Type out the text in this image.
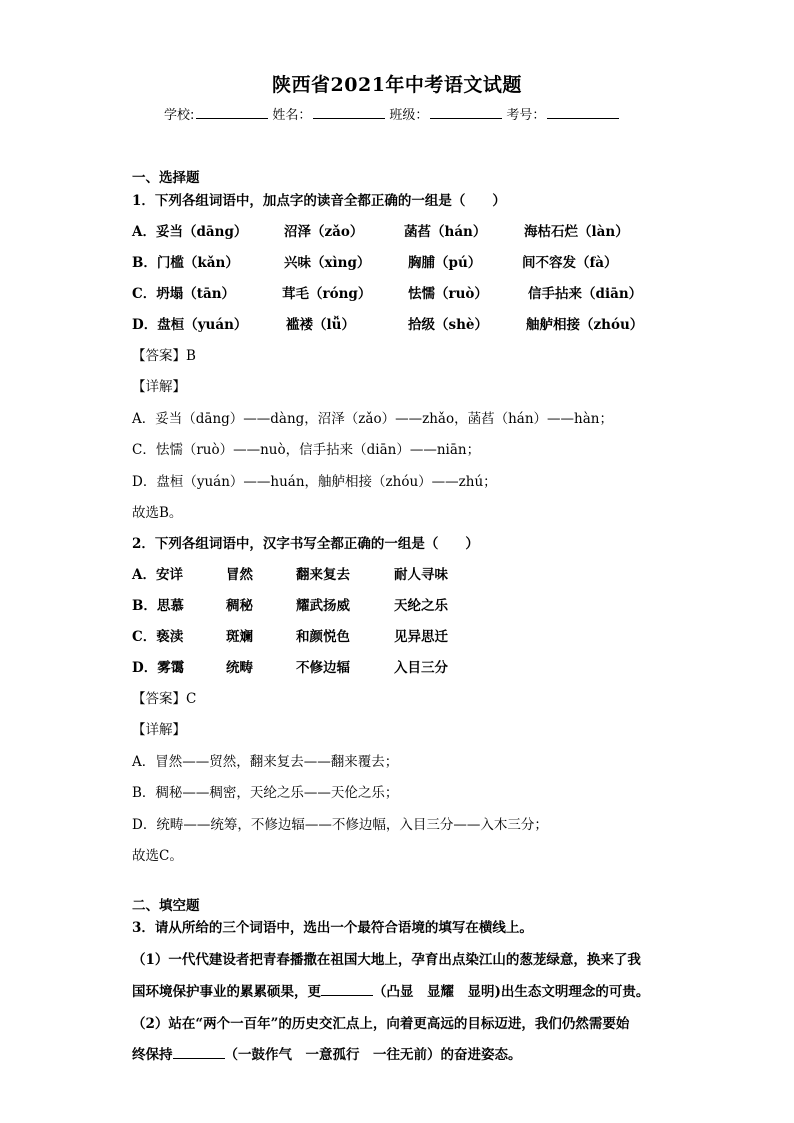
陕西省2021年中考语文试题
学校:	姓名：	班级：	考号：
一、选择题
1．下列各组词语中，加点字的读音全都正确的一组是（　　）
A．妥当（dāng）	沼泽（zǎo）	菡萏（hán）	海枯石烂（làn）
B．门槛（kǎn）	兴味（xìng）	胸脯（pú）	间不容发（fà）
C．坍塌（tān）	茸毛（róng）	怯懦（ruò）	信手拈来（diān）
D．盘桓（yuán）	褴褛（lǚ）	拾级（shè）	舳舻相接（zhóu）
【答案】B
【详解】
A．妥当（dāng）——dàng，沼泽（zǎo）——zhǎo，菡萏（hán）——hàn；
C．怯懦（ruò）——nuò，信手拈来（diān）——niān；
D．盘桓（yuán）——huán，舳舻相接（zhóu）——zhú；
故选B。
2．下列各组词语中，汉字书写全都正确的一组是（　　）
A．安详	冒然	翻来复去	耐人寻味
B．思慕	稠秘	耀武扬威	天纶之乐
C．亵渎	斑斓	和颜悦色	见异思迁
D．雾霭	统畴	不修边辐	入目三分
【答案】C
【详解】
A．冒然——贸然，翻来复去——翻来覆去；
B．稠秘——稠密，天纶之乐——天伦之乐；
D．统畴——统筹，不修边辐——不修边幅，入目三分——入木三分；
故选C。
二、填空题
3．请从所给的三个词语中，选出一个最符合语境的填写在横线上。
（1）一代代建设者把青春播撒在祖国大地上，孕育出点染江山的葱茏绿意，换来了我
国环境保护事业的累累硕果，更	（凸显　显耀　显明)出生态文明理念的可贵。
（2）站在“两个一百年”的历史交汇点上，向着更高远的目标迈进，我们仍然需要始
终保持	（一鼓作气　一意孤行　一往无前）的奋进姿态。
